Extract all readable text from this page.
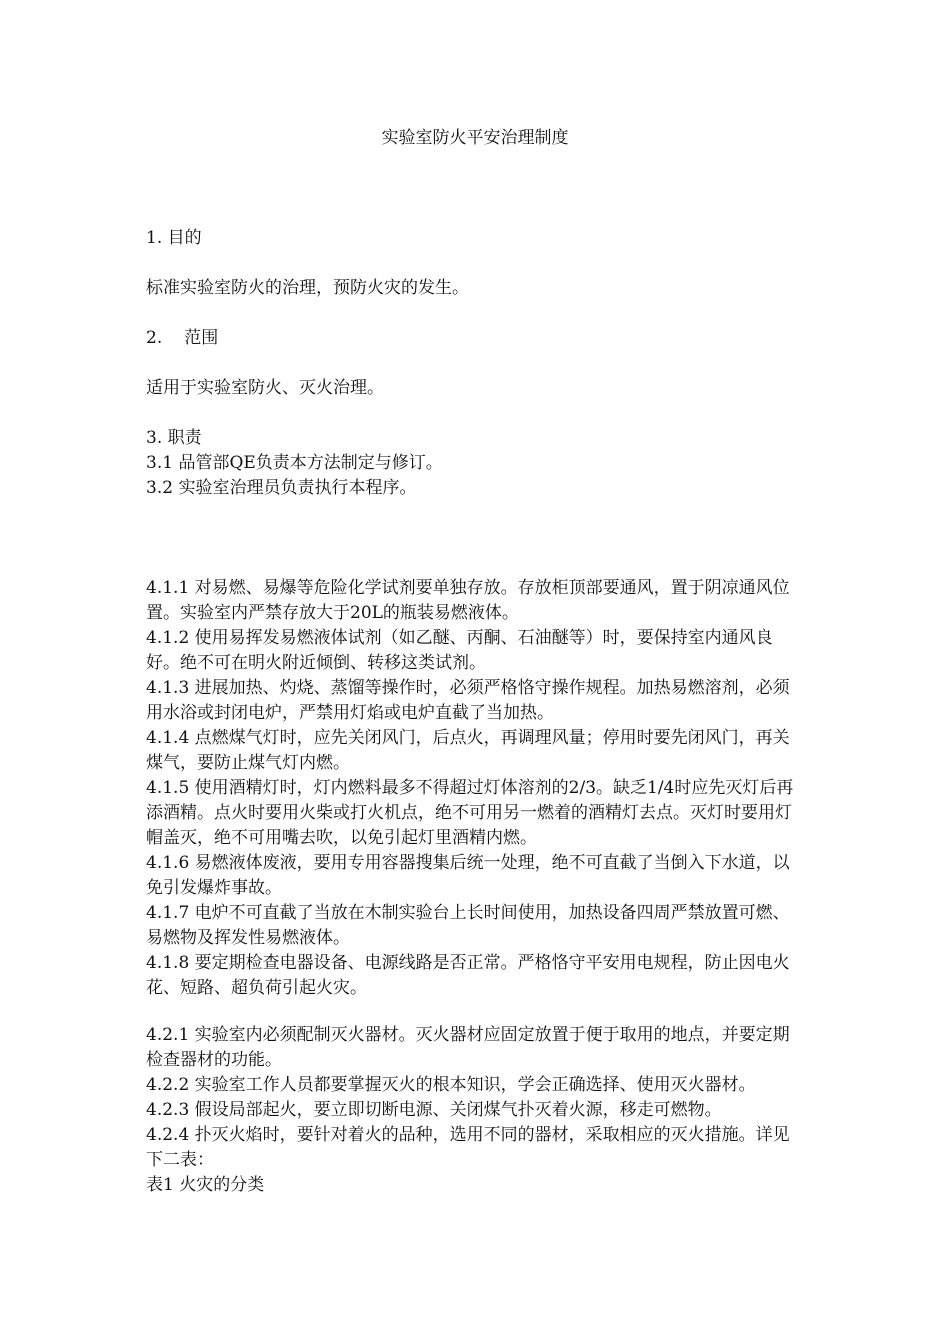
实验室防火平安治理制度

1. 目的

标准实验室防火的治理，预防火灾的发生。

2. 范围

适用于实验室防火、灭火治理。

3. 职责

3.1 品管部QE负责本方法制定与修订。

3.2 实验室治理员负责执行本程序。

4.1.1 对易燃、易爆等危险化学试剂要单独存放。存放柜顶部要通风，置于阴凉通风位置。实验室内严禁存放大于20L的瓶装易燃液体。

4.1.2 使用易挥发易燃液体试剂（如乙醚、丙酮、石油醚等）时，要保持室内通风良好。绝不可在明火附近倾倒、转移这类试剂。

4.1.3 进展加热、灼烧、蒸馏等操作时，必须严格恪守操作规程。加热易燃溶剂，必须用水浴或封闭电炉，严禁用灯焰或电炉直截了当加热。

4.1.4 点燃煤气灯时，应先关闭风门，后点火，再调理风量；停用时要先闭风门，再关煤气，要防止煤气灯内燃。

4.1.5 使用酒精灯时，灯内燃料最多不得超过灯体溶剂的2/3。缺乏1/4时应先灭灯后再添酒精。点火时要用火柴或打火机点，绝不可用另一燃着的酒精灯去点。灭灯时要用灯帽盖灭，绝不可用嘴去吹，以免引起灯里酒精内燃。

4.1.6 易燃液体废液，要用专用容器搜集后统一处理，绝不可直截了当倒入下水道，以免引发爆炸事故。

4.1.7 电炉不可直截了当放在木制实验台上长时间使用，加热设备四周严禁放置可燃、易燃物及挥发性易燃液体。

4.1.8 要定期检查电器设备、电源线路是否正常。严格恪守平安用电规程，防止因电火花、短路、超负荷引起火灾。

4.2.1 实验室内必须配制灭火器材。灭火器材应固定放置于便于取用的地点，并要定期检查器材的功能。

4.2.2 实验室工作人员都要掌握灭火的根本知识，学会正确选择、使用灭火器材。

4.2.3 假设局部起火，要立即切断电源、关闭煤气扑灭着火源，移走可燃物。

4.2.4 扑灭火焰时，要针对着火的品种，选用不同的器材，采取相应的灭火措施。详见下二表：

表1 火灾的分类
